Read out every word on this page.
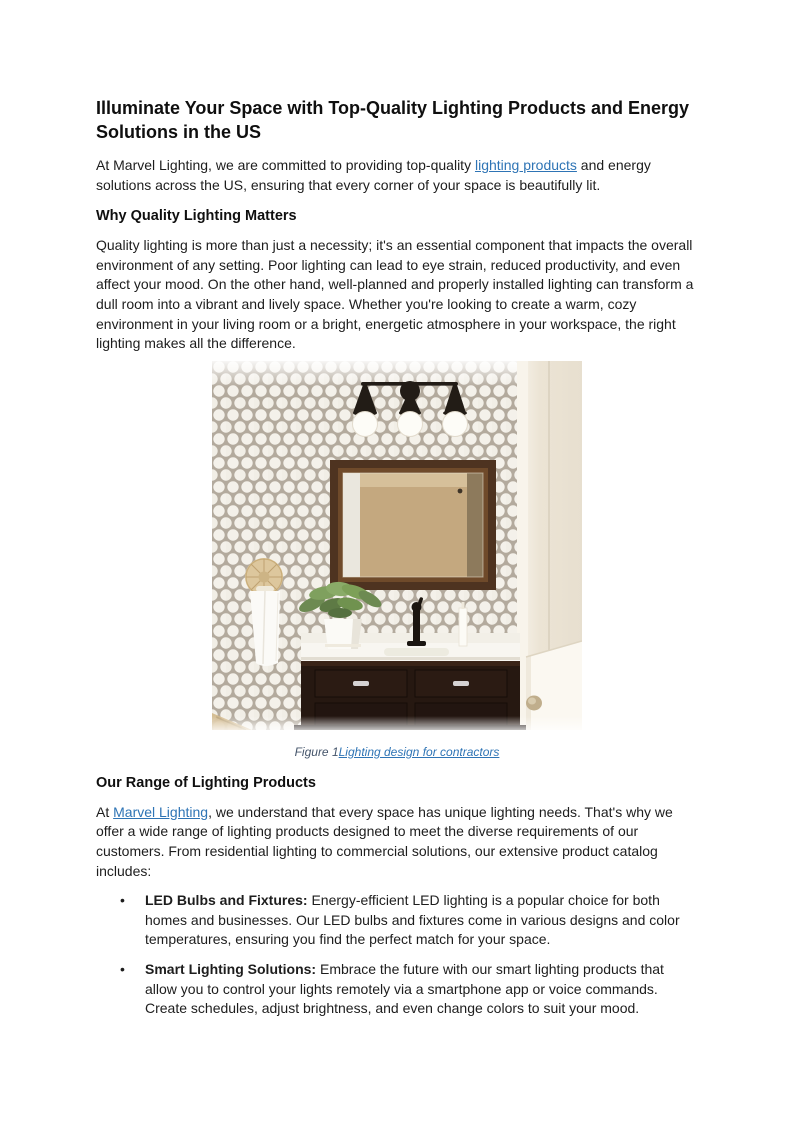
Illuminate Your Space with Top-Quality Lighting Products and Energy
Solutions in the US

At Marvel Lighting, we are committed to providing top-quality lighting products and energy solutions across the US, ensuring that every corner of your space is beautifully lit.

Why Quality Lighting Matters

Quality lighting is more than just a necessity; it's an essential component that impacts the overall environment of any setting. Poor lighting can lead to eye strain, reduced productivity, and even affect your mood. On the other hand, well-planned and properly installed lighting can transform a dull room into a vibrant and lively space. Whether you're looking to create a warm, cozy environment in your living room or a bright, energetic atmosphere in your workspace, the right lighting makes all the difference.

Figure 1Lighting design for contractors
Our Range of Lighting Products

At Marvel Lighting, we understand that every space has unique lighting needs. That's why we offer a wide range of lighting products designed to meet the diverse requirements of our customers. From residential lighting to commercial solutions, our extensive product catalog includes:

•
LED Bulbs and Fixtures: Energy-efficient LED lighting is a popular choice for both homes and businesses. Our LED bulbs and fixtures come in various designs and color temperatures, ensuring you find the perfect match for your space.
•
Smart Lighting Solutions: Embrace the future with our smart lighting products that allow you to control your lights remotely via a smartphone app or voice commands. Create schedules, adjust brightness, and even change colors to suit your mood.
